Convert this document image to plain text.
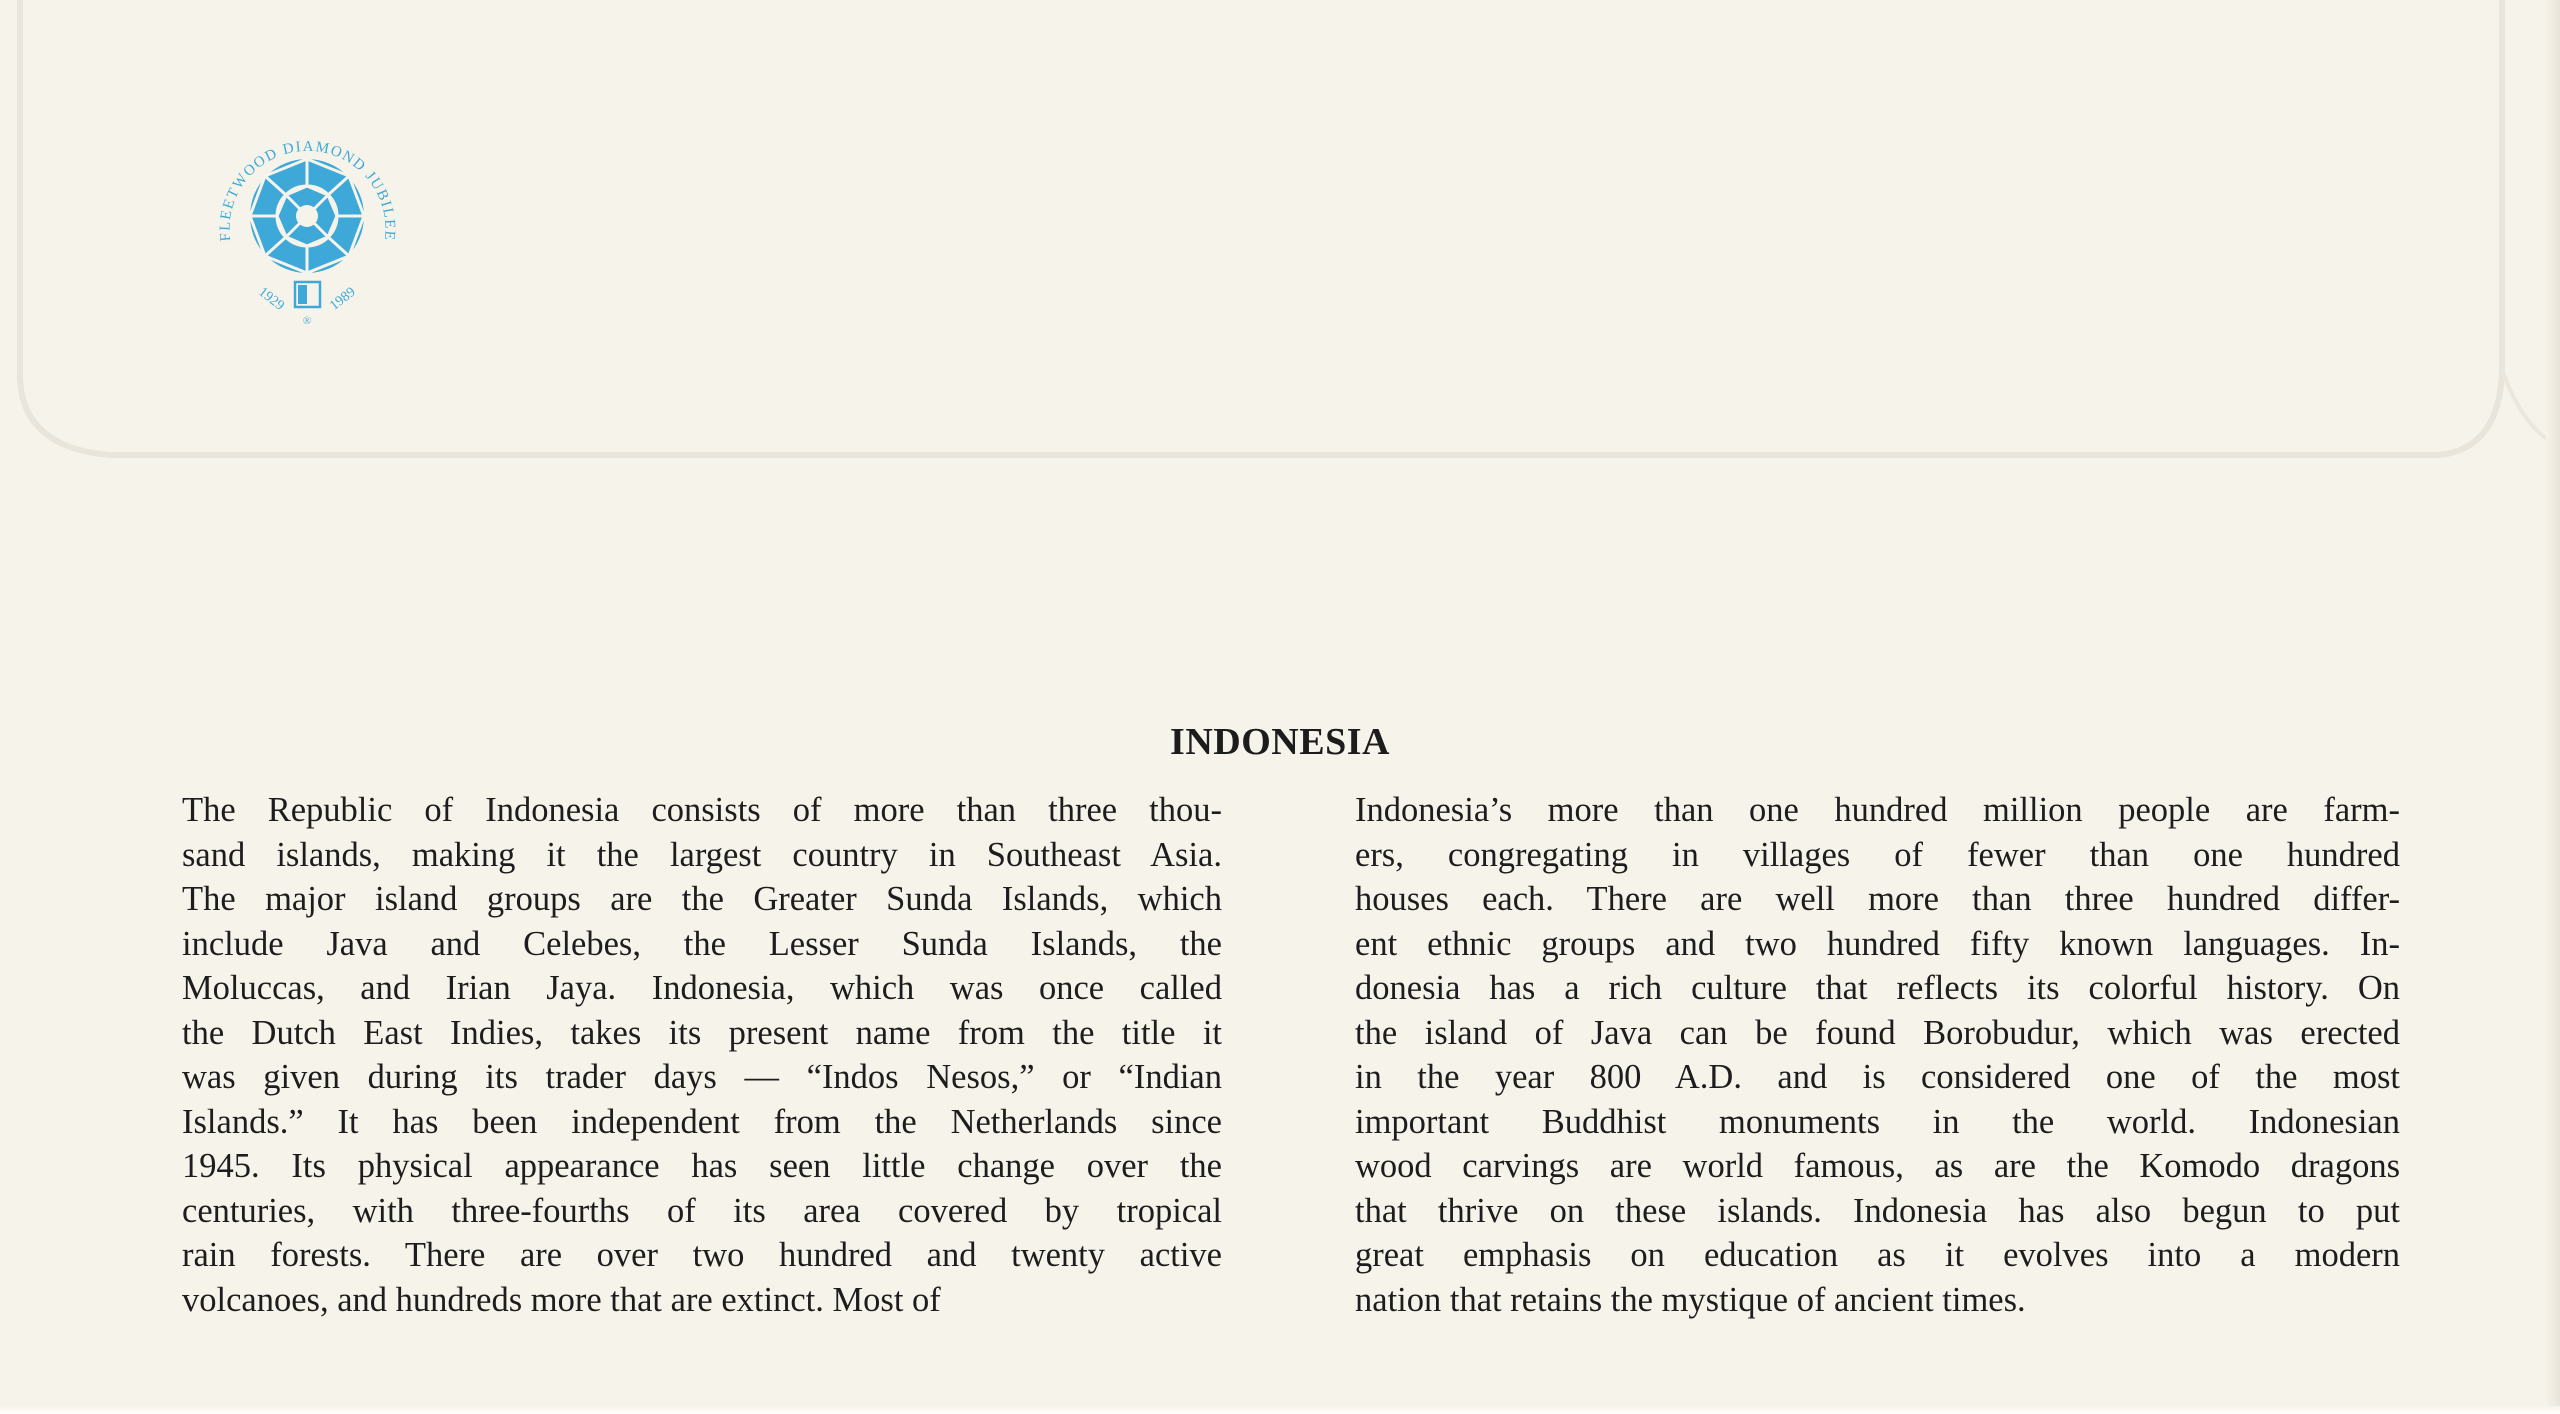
FLEETWOOD DIAMOND JUBILEE
1929	1989
®
INDONESIA
The Republic of Indonesia consists of more than three thou-
sand islands, making it the largest country in Southeast Asia.
The major island groups are the Greater Sunda Islands, which
include Java and Celebes, the Lesser Sunda Islands, the
Moluccas, and Irian Jaya. Indonesia, which was once called
the Dutch East Indies, takes its present name from the title it
was given during its trader days — “Indos Nesos,” or “Indian
Islands.” It has been independent from the Netherlands since
1945. Its physical appearance has seen little change over the
centuries, with three-fourths of its area covered by tropical
rain forests. There are over two hundred and twenty active
volcanoes, and hundreds more that are extinct. Most of
Indonesia’s more than one hundred million people are farm-
ers, congregating in villages of fewer than one hundred
houses each. There are well more than three hundred differ-
ent ethnic groups and two hundred fifty known languages. In-
donesia has a rich culture that reflects its colorful history. On
the island of Java can be found Borobudur, which was erected
in the year 800 A.D. and is considered one of the most
important Buddhist monuments in the world. Indonesian
wood carvings are world famous, as are the Komodo dragons
that thrive on these islands. Indonesia has also begun to put
great emphasis on education as it evolves into a modern
nation that retains the mystique of ancient times.
